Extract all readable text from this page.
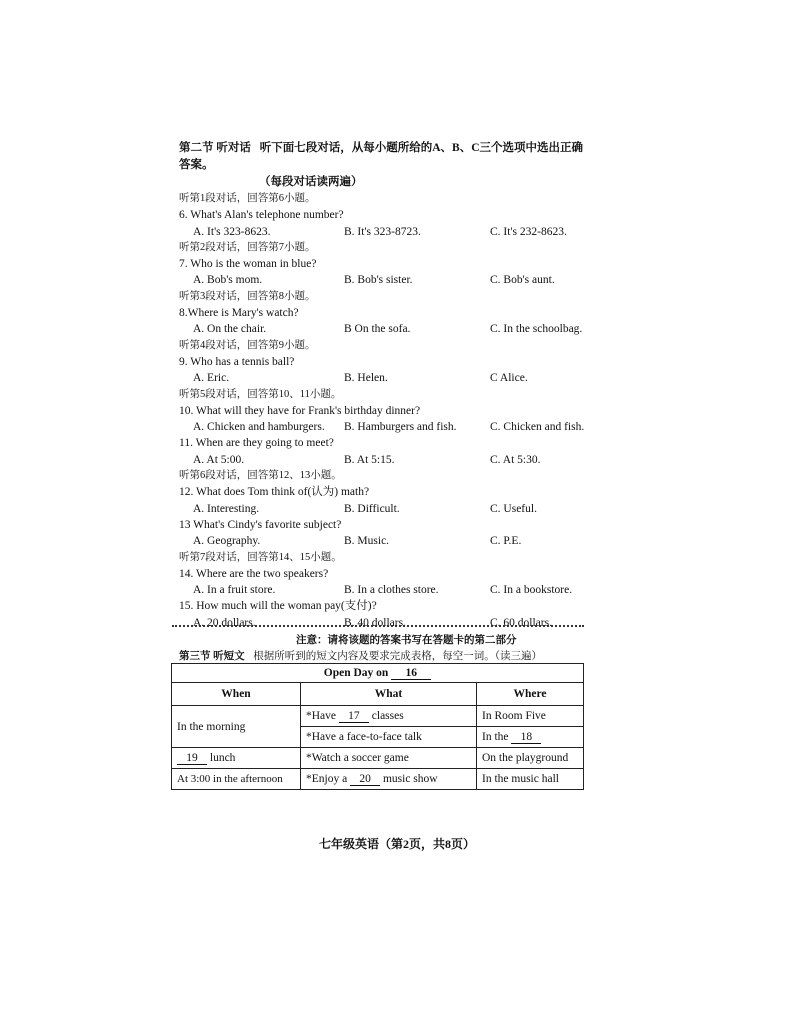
第二节 听对话 听下面七段对话，从每小题所给的A、B、C三个选项中选出正确答案。
（每段对话读两遍）
听第1段对话，回答第6小题。
6. What's Alan's telephone number?
A. It's 323-8623.	B. It's 323-8723.	C. It's 232-8623.
听第2段对话，回答第7小题。
7. Who is the woman in blue?
A. Bob's mom.	B. Bob's sister.	C. Bob's aunt.
听第3段对话，回答第8小题。
8.Where is Mary's watch?
A. On the chair.	B On the sofa.	C. In the schoolbag.
听第4段对话，回答第9小题。
9. Who has a tennis ball?
A. Eric.	B. Helen.	C Alice.
听第5段对话，回答第10、11小题。
10. What will they have for Frank's birthday dinner?
A. Chicken and hamburgers.	B. Hamburgers and fish.	C. Chicken and fish.
11. When are they going to meet?
A. At 5:00.	B. At 5:15.	C. At 5:30.
听第6段对话，回答第12、13小题。
12. What does Tom think of(认为) math?
A. Interesting.	B. Difficult.	C. Useful.
13 What's Cindy's favorite subject?
A. Geography.	B. Music.	C. P.E.
听第7段对话，回答第14、15小题。
14. Where are the two speakers?
A. In a fruit store.	B. In a clothes store.	C. In a bookstore.
15. How much will the woman pay(支付)?
A. 20 dollars.	B. 40 dollars.	C. 60 dollars.
注意：请将该题的答案书写在答题卡的第二部分
第三节 听短文 根据所听到的短文内容及要求完成表格，每空一词。（读三遍）
Open Day on 16		
When	What	Where
In the morning	*Have 17 classes	In Room Five
	*Have a face-to-face talk	In the 18
19 lunch	*Watch a soccer game	On the playground
At 3:00 in the afternoon	*Enjoy a 20 music show	In the music hall
七年级英语（第2页，共8页）
